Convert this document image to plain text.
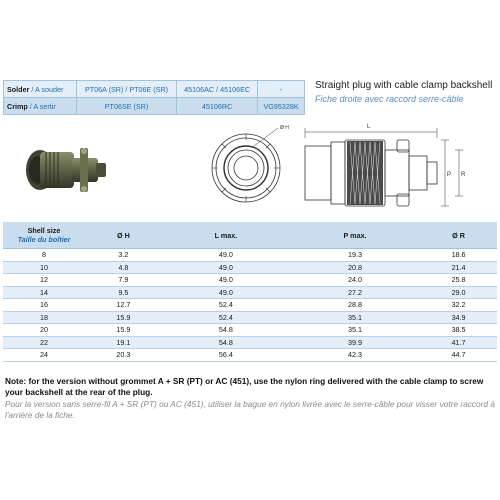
Solder / A souder	PT06A (SR) / PT06E (SR)	45106AC / 45106EC	-
Crimp / A sertir	PT06SE (SR)	45106RC	VG95328K
Straight plug with cable clamp backshell
Fiche droite avec raccord serre-câble
Ø H	L
P R
Shell size
Taille du boîtier	Ø H	L max.	P max.	Ø R
8	3.2	49.0	19.3	18.6
10	4.8	49.0	20.8	21.4
12	7.9	49.0	24.0	25.8
14	9.5	49.0	27.2	29.0
16	12.7	52.4	28.8	32.2
18	15.9	52.4	35.1	34.9
20	15.9	54.8	35.1	38.5
22	19.1	54.8	39.9	41.7
24	20.3	56.4	42.3	44.7
Note: for the version without grommet A + SR (PT) or AC (451), use the nylon ring delivered with the cable clamp to screw your backshell at the rear of the plug.
Pour la version sans serre-fil A + SR (PT) ou AC (451), utiliser la bague en nylon livrée avec le serre-câble pour visser votre raccord à l'arrière de la fiche.
